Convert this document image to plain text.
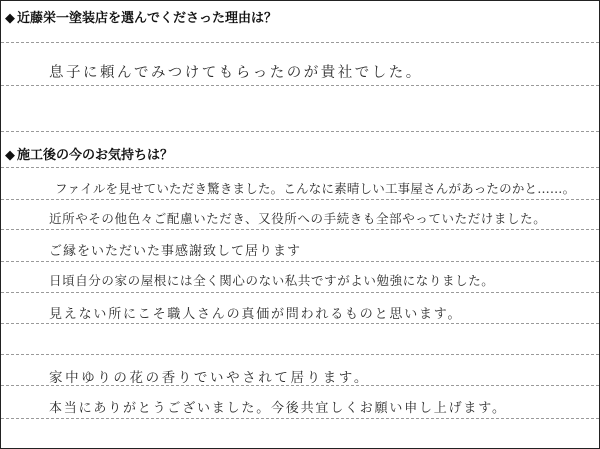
◆ 近藤栄一塗装店を選んでくださった理由は？
息子に頼んでみつけてもらったのが貴社でした。
◆ 施工後の今のお気持ちは？
ファイルを見せていただき驚きました。こんなに素晴しい工事屋さんがあったのかと……。
近所やその他色々ご配慮いただき、又役所への手続きも全部やっていただけました。
ご縁をいただいた事感謝致して居ります
日頃自分の家の屋根には全く関心のない私共ですがよい勉強になりました。
見えない所にこそ職人さんの真価が問われるものと思います。
家中ゆりの花の香りでいやされて居ります。
本当にありがとうございました。今後共宜しくお願い申し上げます。
